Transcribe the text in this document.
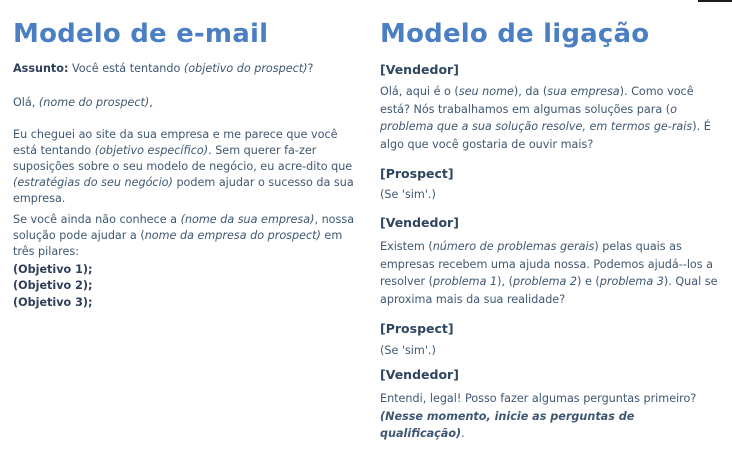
Modelo de e-mail

Assunto: Você está tentando (objetivo do prospect)?

Olá, (nome do prospect),

Eu cheguei ao site da sua empresa e me parece que você está tentando (objetivo específico). Sem querer fa-zer suposições sobre o seu modelo de negócio, eu acre-dito que (estratégias do seu negócio) podem ajudar o sucesso da sua empresa.

Se você ainda não conhece a (nome da sua empresa), nossa solução pode ajudar a (nome da empresa do prospect) em três pilares:

(Objetivo 1);

(Objetivo 2);

(Objetivo 3);

Modelo de ligação

[Vendedor]

Olá, aqui é o (seu nome), da (sua empresa). Como você está? Nós trabalhamos em algumas soluções para (o problema que a sua solução resolve, em termos ge-rais). É algo que você gostaria de ouvir mais?

[Prospect]

(Se 'sim'.)

[Vendedor]

Existem (número de problemas gerais) pelas quais as empresas recebem uma ajuda nossa. Podemos ajudá--los a resolver (problema 1), (problema 2) e (problema 3). Qual se aproxima mais da sua realidade?

[Prospect]

(Se 'sim'.)

[Vendedor]

Entendi, legal! Posso fazer algumas perguntas primeiro?
(Nesse momento, inicie as perguntas de qualificação).
